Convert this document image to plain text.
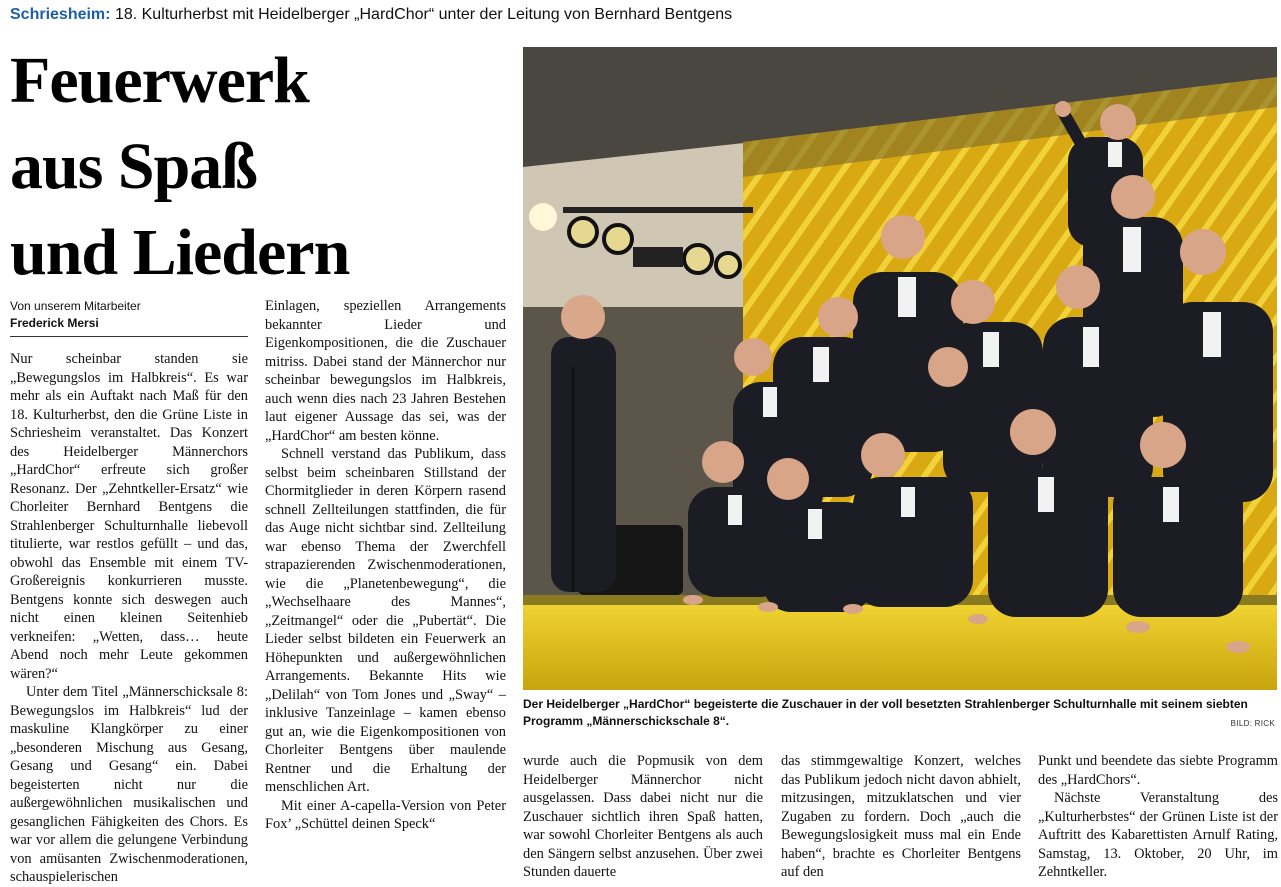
Schriesheim: 18. Kulturherbst mit Heidelberger „HardChor“ unter der Leitung von Bernhard Bentgens
Feuerwerk
aus Spaß
und Liedern
Von unserem Mitarbeiter
Frederick Mersi

Nur scheinbar standen sie „Bewegungslos im Halbkreis“. Es war mehr als ein Auftakt nach Maß für den 18. Kulturherbst, den die Grüne Liste in Schriesheim veranstaltet. Das Konzert des Heidelberger Männerchors „HardChor“ erfreute sich großer Resonanz. Der „Zehntkeller-Ersatz“ wie Chorleiter Bernhard Bentgens die Strahlenberger Schulturnhalle liebevoll titulierte, war restlos gefüllt – und das, obwohl das Ensemble mit einem TV-Großereignis konkurrieren musste. Bentgens konnte sich deswegen auch nicht einen kleinen Seitenhieb verkneifen: „Wetten, dass… heute Abend noch mehr Leute gekommen wären?“

Unter dem Titel „Männerschicksale 8: Bewegungslos im Halbkreis“ lud der maskuline Klangkörper zu einer „besonderen Mischung aus Gesang, Gesang und Gesang“ ein. Dabei begeisterten nicht nur die außergewöhnlichen musikalischen und gesanglichen Fähigkeiten des Chors. Es war vor allem die gelungene Verbindung von amüsanten Zwischenmoderationen, schauspielerischen

Einlagen, speziellen Arrangements bekannter Lieder und Eigenkompositionen, die die Zuschauer mitriss. Dabei stand der Männerchor nur scheinbar bewegungslos im Halbkreis, auch wenn dies nach 23 Jahren Bestehen laut eigener Aussage das sei, was der „HardChor“ am besten könne.

Schnell verstand das Publikum, dass selbst beim scheinbaren Stillstand der Chormitglieder in deren Körpern rasend schnell Zellteilungen stattfinden, die für das Auge nicht sichtbar sind. Zellteilung war ebenso Thema der Zwerchfell strapazierenden Zwischenmoderationen, wie die „Planetenbewegung“, die „Wechselhaare des Mannes“, „Zeitmangel“ oder die „Pubertät“. Die Lieder selbst bildeten ein Feuerwerk an Höhepunkten und außergewöhnlichen Arrangements. Bekannte Hits wie „Delilah“ von Tom Jones und „Sway“ – inklusive Tanzeinlage – kamen ebenso gut an, wie die Eigenkompositionen von Chorleiter Bentgens über maulende Rentner und die Erhaltung der menschlichen Art.

Mit einer A-capella-Version von Peter Fox’ „Schüttel deinen Speck“

Der Heidelberger „HardChor“ begeisterte die Zuschauer in der voll besetzten Strahlenberger Schulturnhalle mit seinem siebten Programm „Männerschickschale 8“.	BILD: RICK

wurde auch die Popmusik von dem Heidelberger Männerchor nicht ausgelassen. Dass dabei nicht nur die Zuschauer sichtlich ihren Spaß hatten, war sowohl Chorleiter Bentgens als auch den Sängern selbst anzusehen. Über zwei Stunden dauerte

das stimmgewaltige Konzert, welches das Publikum jedoch nicht davon abhielt, mitzusingen, mitzuklatschen und vier Zugaben zu fordern. Doch „auch die Bewegungslosigkeit muss mal ein Ende haben“, brachte es Chorleiter Bentgens auf den

Punkt und beendete das siebte Programm des „HardChors“.

Nächste Veranstaltung des „Kulturherbstes“ der Grünen Liste ist der Auftritt des Kabarettisten Arnulf Rating, Samstag, 13. Oktober, 20 Uhr, im Zehntkeller.
